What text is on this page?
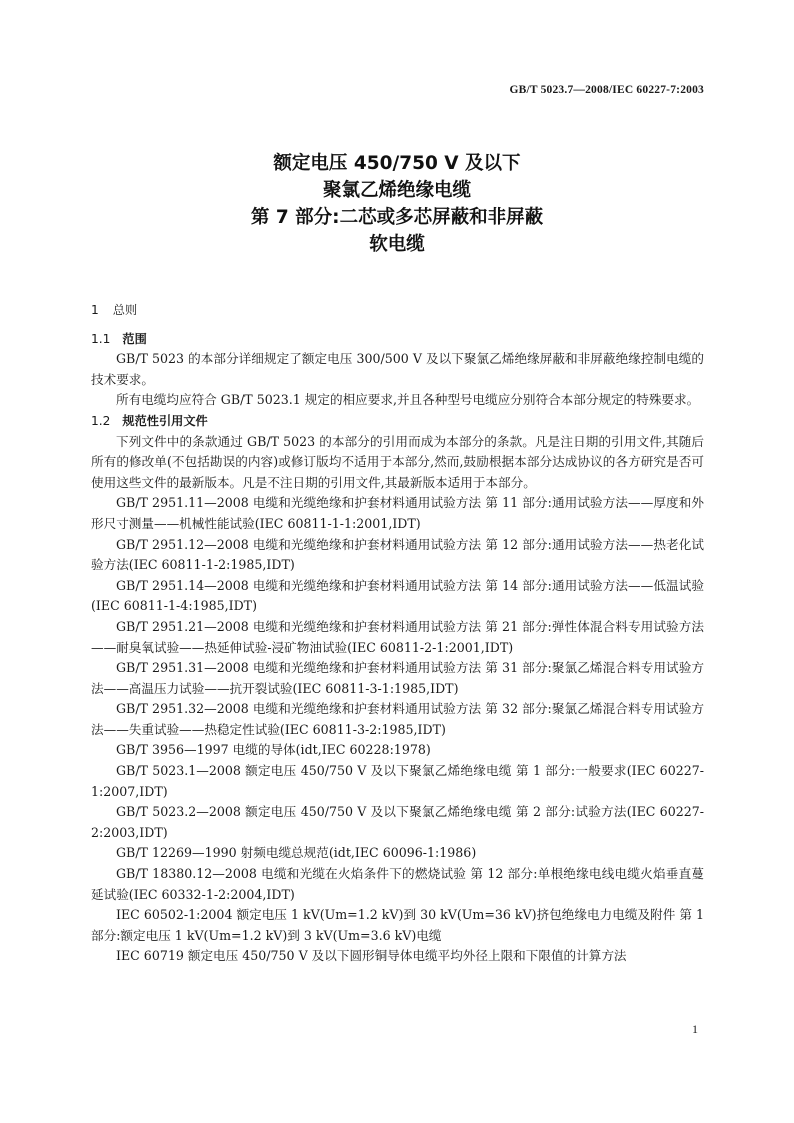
GB/T 5023.7—2008/IEC 60227-7:2003
额定电压 450/750 V 及以下
聚氯乙烯绝缘电缆
第 7 部分:二芯或多芯屏蔽和非屏蔽
软电缆
1 总则
1.1 范围
GB/T 5023 的本部分详细规定了额定电压 300/500 V 及以下聚氯乙烯绝缘屏蔽和非屏蔽绝缘控制电缆的技术要求。
所有电缆均应符合 GB/T 5023.1 规定的相应要求,并且各种型号电缆应分别符合本部分规定的特殊要求。
1.2 规范性引用文件
下列文件中的条款通过 GB/T 5023 的本部分的引用而成为本部分的条款。凡是注日期的引用文件,其随后所有的修改单(不包括勘误的内容)或修订版均不适用于本部分,然而,鼓励根据本部分达成协议的各方研究是否可使用这些文件的最新版本。凡是不注日期的引用文件,其最新版本适用于本部分。
GB/T 2951.11—2008 电缆和光缆绝缘和护套材料通用试验方法 第 11 部分:通用试验方法——厚度和外形尺寸测量——机械性能试验(IEC 60811-1-1:2001,IDT)
GB/T 2951.12—2008 电缆和光缆绝缘和护套材料通用试验方法 第 12 部分:通用试验方法——热老化试验方法(IEC 60811-1-2:1985,IDT)
GB/T 2951.14—2008 电缆和光缆绝缘和护套材料通用试验方法 第 14 部分:通用试验方法——低温试验(IEC 60811-1-4:1985,IDT)
GB/T 2951.21—2008 电缆和光缆绝缘和护套材料通用试验方法 第 21 部分:弹性体混合料专用试验方法——耐臭氧试验——热延伸试验-浸矿物油试验(IEC 60811-2-1:2001,IDT)
GB/T 2951.31—2008 电缆和光缆绝缘和护套材料通用试验方法 第 31 部分:聚氯乙烯混合料专用试验方法——高温压力试验——抗开裂试验(IEC 60811-3-1:1985,IDT)
GB/T 2951.32—2008 电缆和光缆绝缘和护套材料通用试验方法 第 32 部分:聚氯乙烯混合料专用试验方法——失重试验——热稳定性试验(IEC 60811-3-2:1985,IDT)
GB/T 3956—1997 电缆的导体(idt,IEC 60228:1978)
GB/T 5023.1—2008 额定电压 450/750 V 及以下聚氯乙烯绝缘电缆 第 1 部分:一般要求(IEC 60227-1:2007,IDT)
GB/T 5023.2—2008 额定电压 450/750 V 及以下聚氯乙烯绝缘电缆 第 2 部分:试验方法(IEC 60227-2:2003,IDT)
GB/T 12269—1990 射频电缆总规范(idt,IEC 60096-1:1986)
GB/T 18380.12—2008 电缆和光缆在火焰条件下的燃烧试验 第 12 部分:单根绝缘电线电缆火焰垂直蔓延试验(IEC 60332-1-2:2004,IDT)
IEC 60502-1:2004 额定电压 1 kV(Um=1.2 kV)到 30 kV(Um=36 kV)挤包绝缘电力电缆及附件 第 1 部分:额定电压 1 kV(Um=1.2 kV)到 3 kV(Um=3.6 kV)电缆
IEC 60719 额定电压 450/750 V 及以下圆形铜导体电缆平均外径上限和下限值的计算方法
1
